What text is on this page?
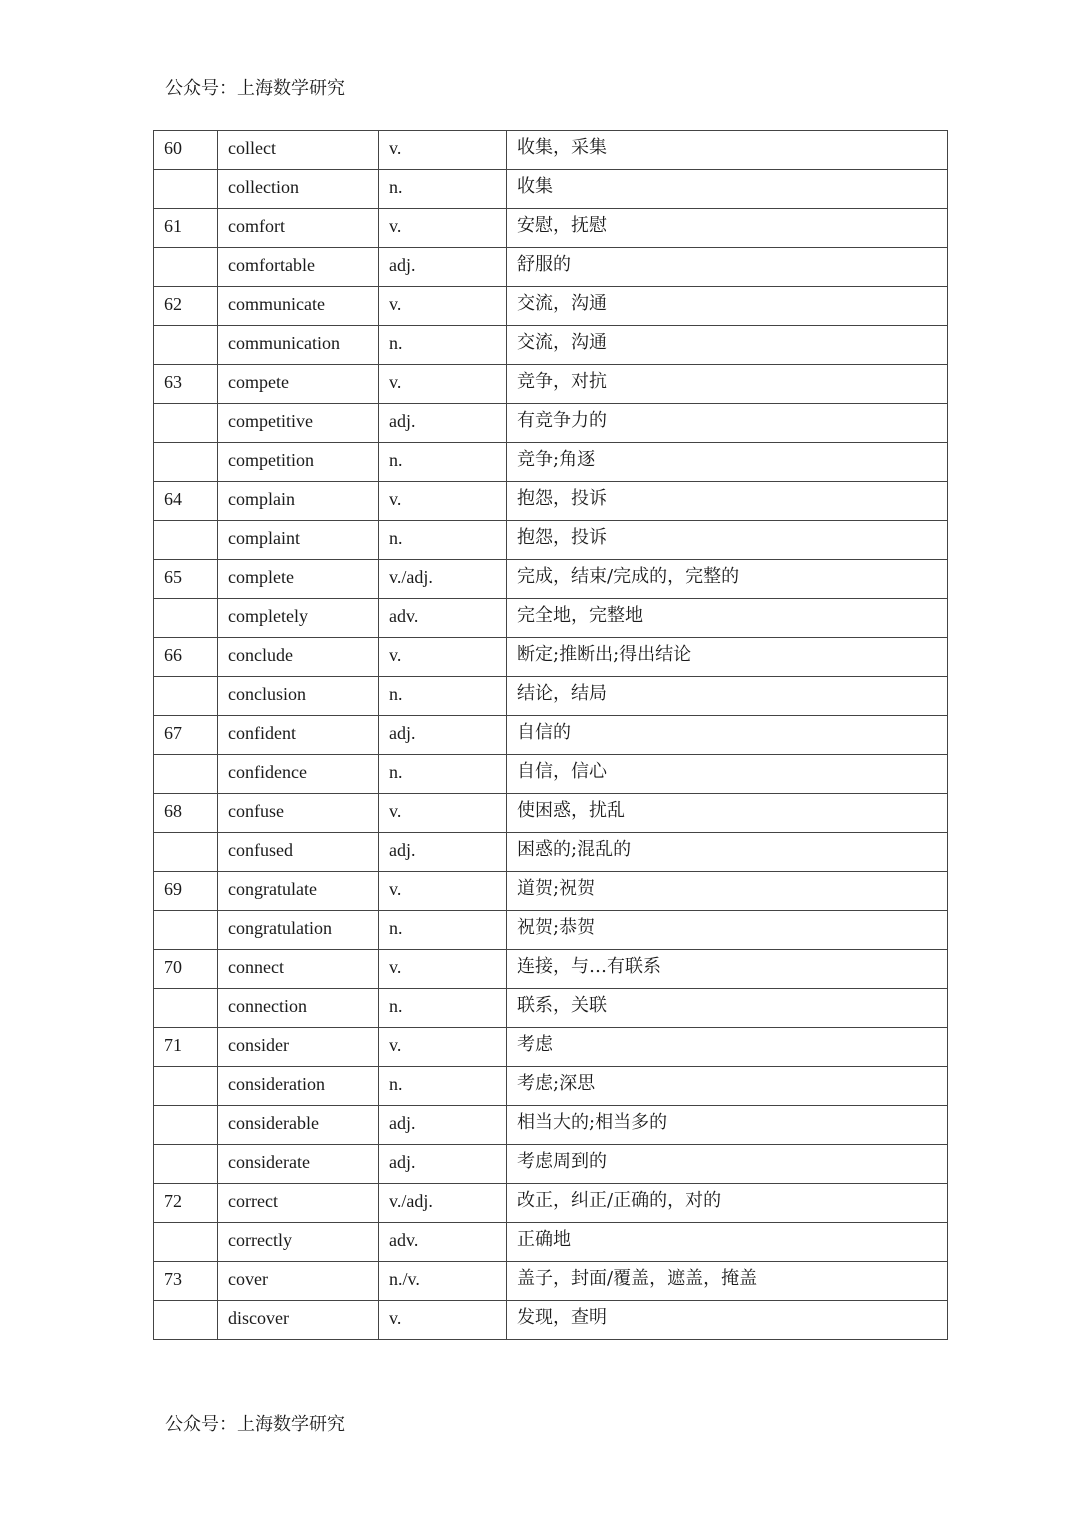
公众号：上海数学研究
60	collect	v.	收集，采集
	collection	n.	收集
61	comfort	v.	安慰，抚慰
	comfortable	adj.	舒服的
62	communicate	v.	交流，沟通
	communication	n.	交流，沟通
63	compete	v.	竞争，对抗
	competitive	adj.	有竞争力的
	competition	n.	竞争;角逐
64	complain	v.	抱怨，投诉
	complaint	n.	抱怨，投诉
65	complete	v./adj.	完成，结束/完成的，完整的
	completely	adv.	完全地，完整地
66	conclude	v.	断定;推断出;得出结论
	conclusion	n.	结论，结局
67	confident	adj.	自信的
	confidence	n.	自信，信心
68	confuse	v.	使困惑，扰乱
	confused	adj.	困惑的;混乱的
69	congratulate	v.	道贺;祝贺
	congratulation	n.	祝贺;恭贺
70	connect	v.	连接，与…有联系
	connection	n.	联系，关联
71	consider	v.	考虑
	consideration	n.	考虑;深思
	considerable	adj.	相当大的;相当多的
	considerate	adj.	考虑周到的
72	correct	v./adj.	改正，纠正/正确的，对的
	correctly	adv.	正确地
73	cover	n./v.	盖子，封面/覆盖，遮盖，掩盖
	discover	v.	发现，查明
公众号：上海数学研究
